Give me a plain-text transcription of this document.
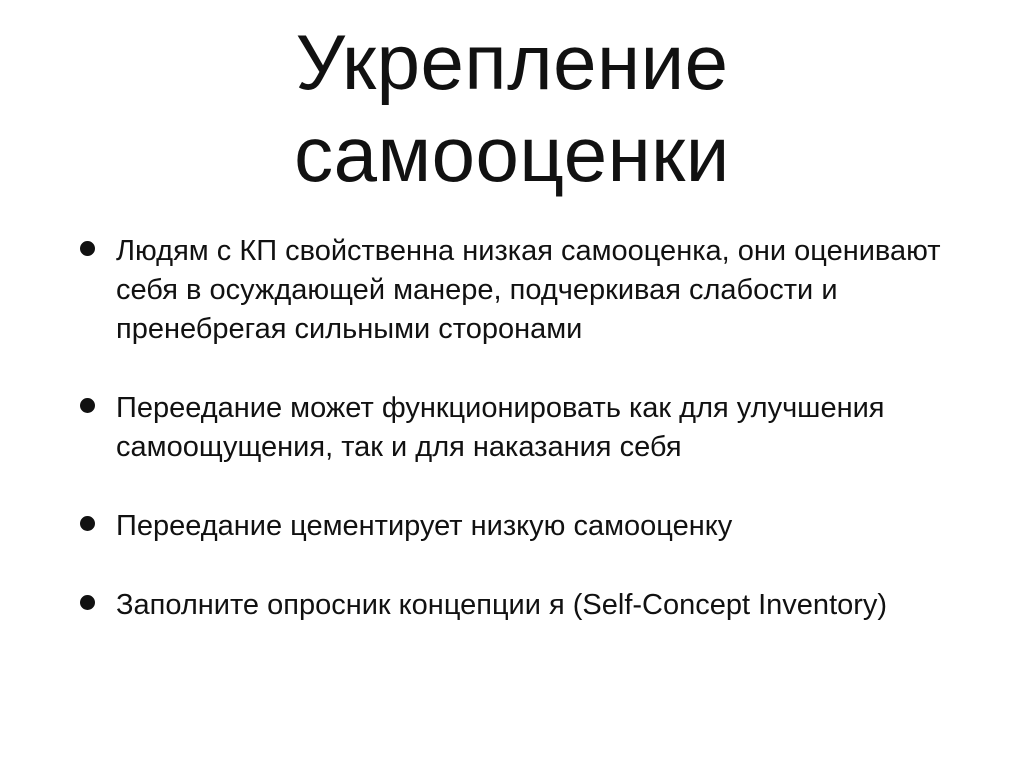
Укрепление
самооценки
Людям с КП свойственна низкая самооценка, они оценивают себя в осуждающей манере, подчеркивая слабости и пренебрегая сильными сторонами
Переедание может функционировать как для улучшения самоощущения, так и для наказания себя
Переедание цементирует низкую самооценку
Заполните опросник концепции я (Self-Concept Inventory)
